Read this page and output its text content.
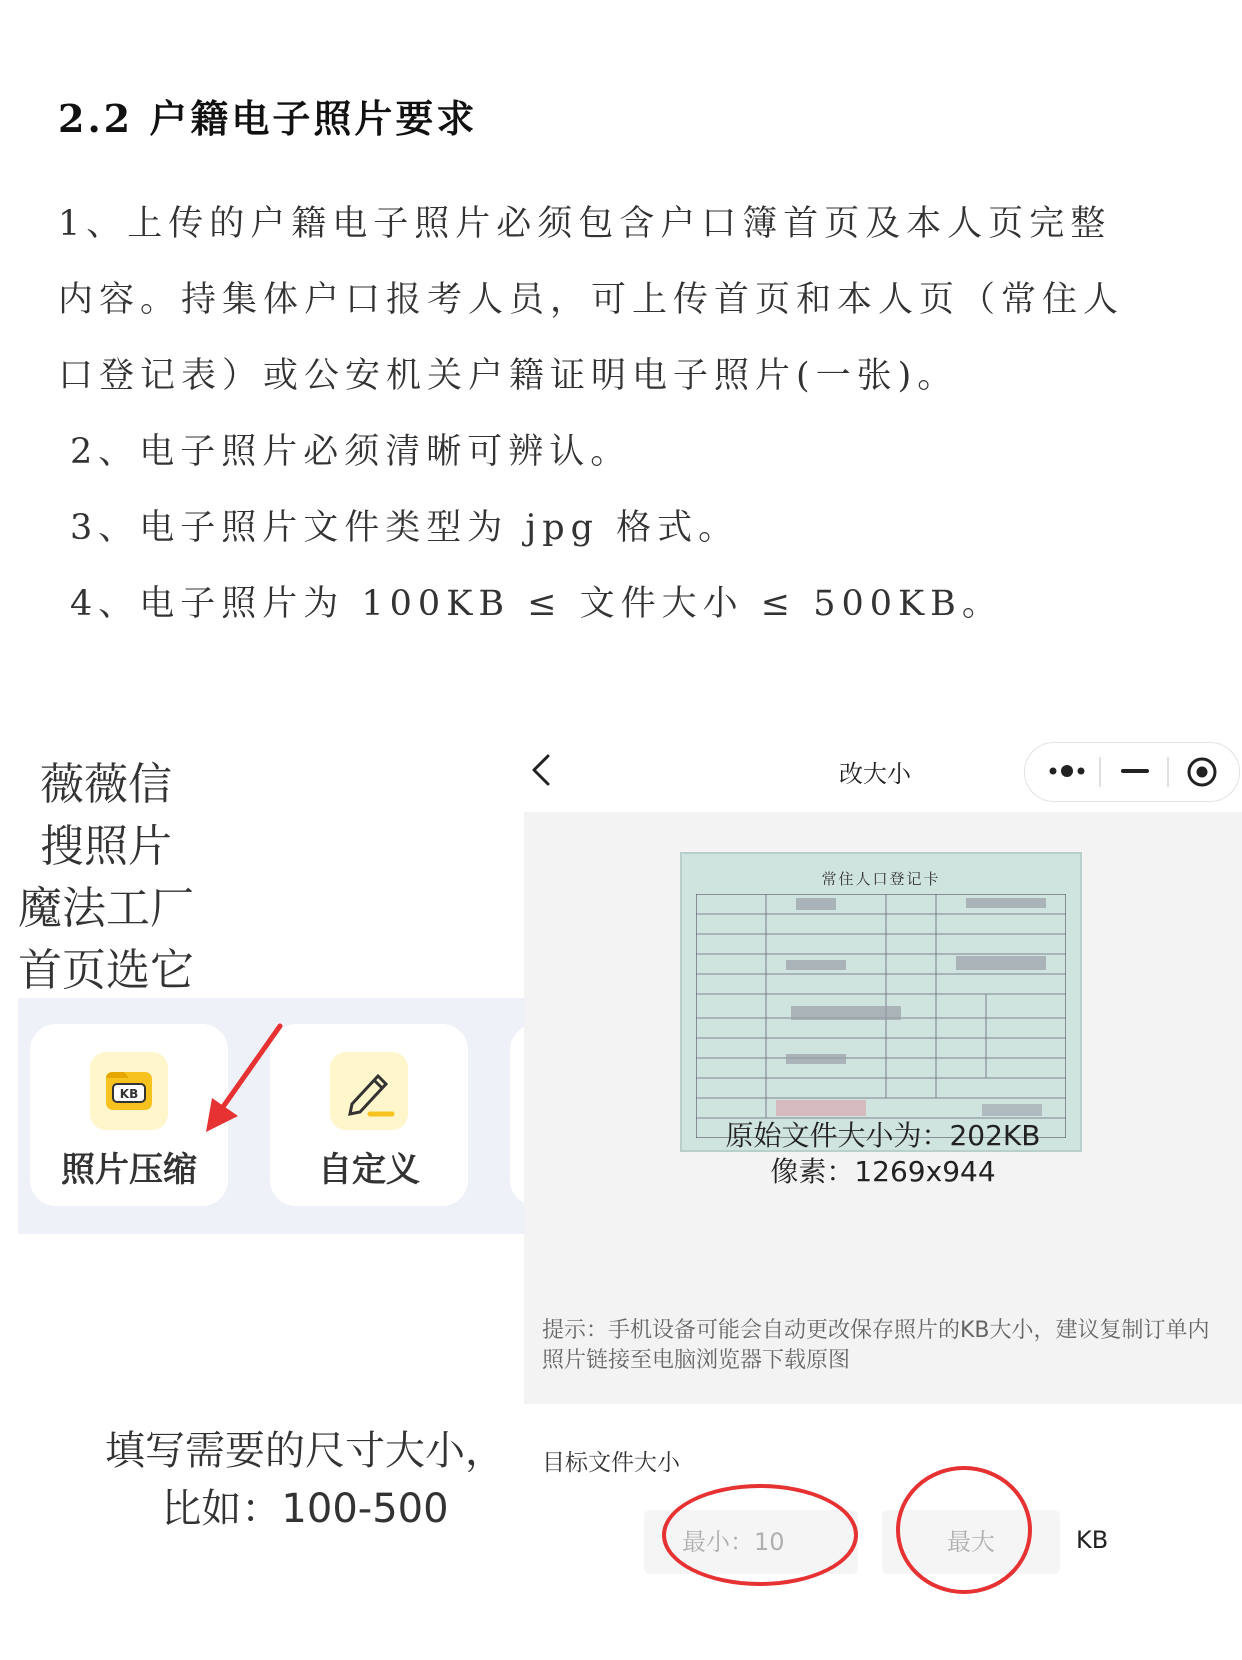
2.2 户籍电子照片要求
1、上传的户籍电子照片必须包含户口簿首页及本人页完整
内容。持集体户口报考人员，可上传首页和本人页（常住人
口登记表）或公安机关户籍证明电子照片(一张)。
2、电子照片必须清晰可辨认。
3、电子照片文件类型为 jpg 格式。
4、电子照片为 100KB ≤ 文件大小 ≤ 500KB。
薇薇信
搜照片
魔法工厂
首页选它
KB
照片压缩	自定义
改大小
常住人口登记卡
原始文件大小为：202KB
像素：1269x944
提示：手机设备可能会自动更改保存照片的KB大小，建议复制订单内照片链接至电脑浏览器下载原图
目标文件大小
最小：10
最大
KB
填写需要的尺寸大小，比如：100-500
